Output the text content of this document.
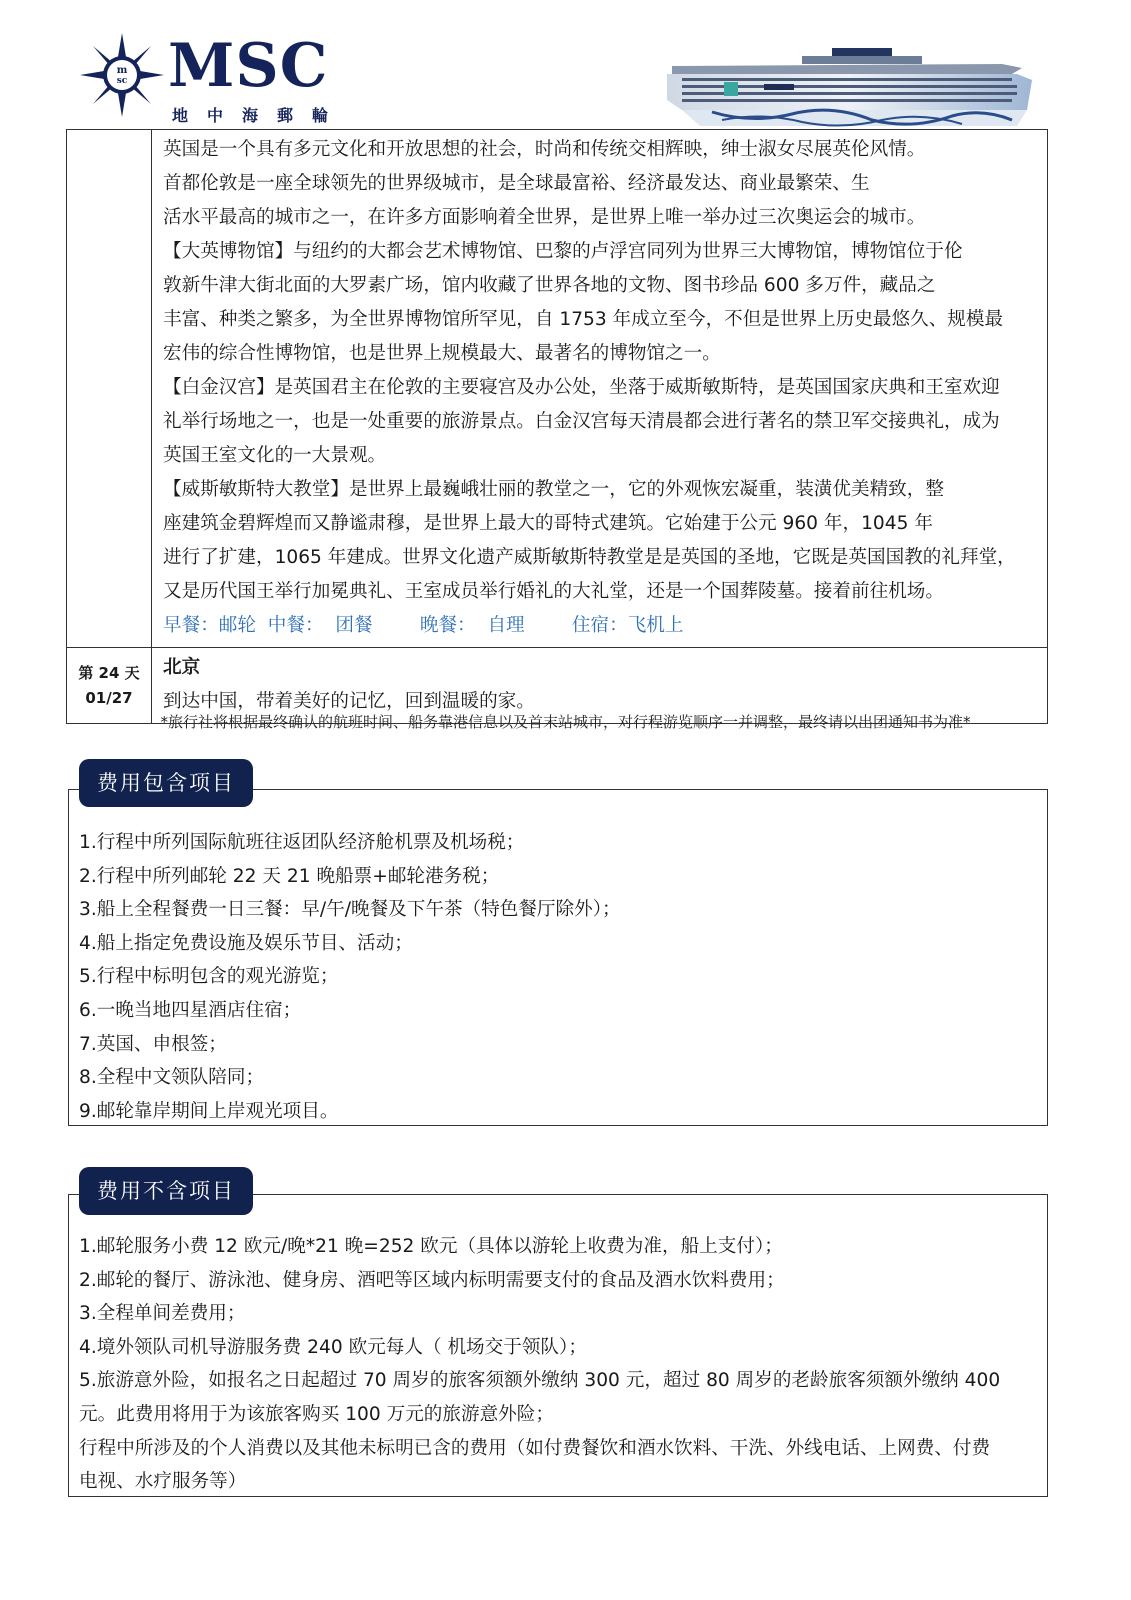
m
sc MSC
地中海郵輪
英国是一个具有多元文化和开放思想的社会，时尚和传统交相辉映，绅士淑女尽展英伦风情。
首都伦敦是一座全球领先的世界级城市，是全球最富裕、经济最发达、商业最繁荣、生
活水平最高的城市之一，在许多方面影响着全世界，是世界上唯一举办过三次奥运会的城市。
【大英博物馆】与纽约的大都会艺术博物馆、巴黎的卢浮宫同列为世界三大博物馆，博物馆位于伦
敦新牛津大街北面的大罗素广场，馆内收藏了世界各地的文物、图书珍品 600 多万件，藏品之
丰富、种类之繁多，为全世界博物馆所罕见，自 1753 年成立至今，不但是世界上历史最悠久、规模最
宏伟的综合性博物馆，也是世界上规模最大、最著名的博物馆之一。
【白金汉宫】是英国君主在伦敦的主要寝宫及办公处，坐落于威斯敏斯特，是英国国家庆典和王室欢迎
礼举行场地之一，也是一处重要的旅游景点。白金汉宫每天清晨都会进行著名的禁卫军交接典礼，成为
英国王室文化的一大景观。
【威斯敏斯特大教堂】是世界上最巍峨壮丽的教堂之一，它的外观恢宏凝重，装潢优美精致，整
座建筑金碧辉煌而又静谧肃穆，是世界上最大的哥特式建筑。它始建于公元 960 年，1045 年
进行了扩建，1065 年建成。世界文化遗产威斯敏斯特教堂是是英国的圣地，它既是英国国教的礼拜堂，
又是历代国王举行加冕典礼、王室成员举行婚礼的大礼堂，还是一个国葬陵墓。接着前往机场。
早餐：邮轮  中餐：  团餐        晚餐：  自理        住宿：飞机上
第 24 天
01/27
北京
到达中国，带着美好的记忆，回到温暖的家。
*旅行社将根据最终确认的航班时间、船务靠港信息以及首末站城市，对行程游览顺序一并调整，最终请以出团通知书为准*
费用包含项目
1.行程中所列国际航班往返团队经济舱机票及机场税；
2.行程中所列邮轮 22 天 21 晚船票+邮轮港务税；
3.船上全程餐费一日三餐：早/午/晚餐及下午茶（特色餐厅除外）；
4.船上指定免费设施及娱乐节目、活动；
5.行程中标明包含的观光游览；
6.一晚当地四星酒店住宿；
7.英国、申根签；
8.全程中文领队陪同；
9.邮轮靠岸期间上岸观光项目。
费用不含项目
1.邮轮服务小费 12 欧元/晚*21 晚=252 欧元（具体以游轮上收费为准，船上支付）；
2.邮轮的餐厅、游泳池、健身房、酒吧等区域内标明需要支付的食品及酒水饮料费用；
3.全程单间差费用；
4.境外领队司机导游服务费 240 欧元每人（ 机场交于领队）；
5.旅游意外险，如报名之日起超过 70 周岁的旅客须额外缴纳 300 元，超过 80 周岁的老龄旅客须额外缴纳 400
元。此费用将用于为该旅客购买 100 万元的旅游意外险；
行程中所涉及的个人消费以及其他未标明已含的费用（如付费餐饮和酒水饮料、干洗、外线电话、上网费、付费
电视、水疗服务等）
